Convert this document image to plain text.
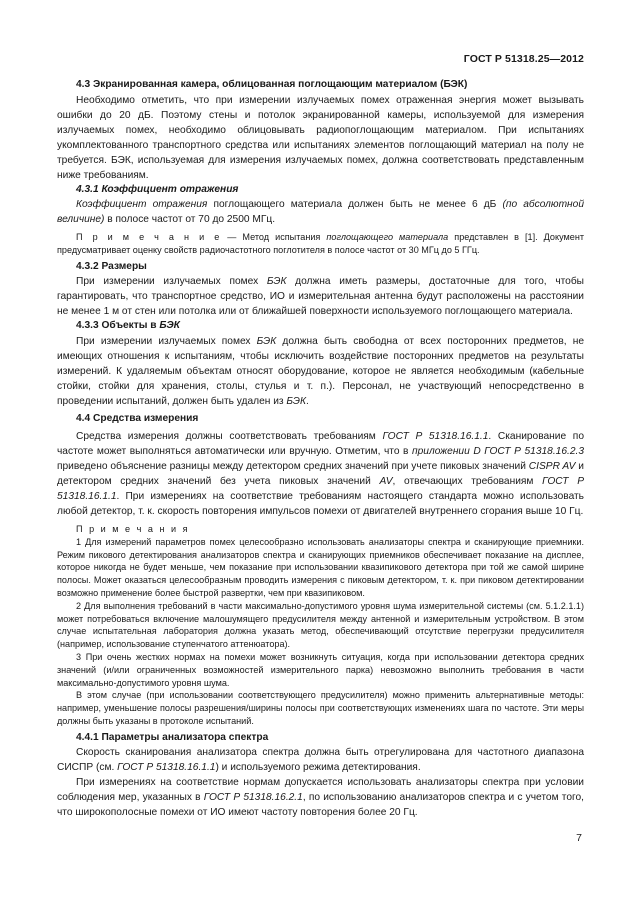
ГОСТ Р 51318.25—2012
4.3 Экранированная камера, облицованная поглощающим материалом (БЭК)

Необходимо отметить, что при измерении излучаемых помех отраженная энергия может вызывать ошибки до 20 дБ. Поэтому стены и потолок экранированной камеры, используемой для измерения излучаемых помех, необходимо облицовывать радиопоглощающим материалом. При испытаниях укомплектованного транспортного средства или испытаниях элементов поглощающий материал на полу не требуется. БЭК, используемая для измерения излучаемых помех, должна соответствовать представленным ниже требованиям.

4.3.1 Коэффициент отражения

Коэффициент отражения поглощающего материала должен быть не менее 6 дБ (по абсолютной величине) в полосе частот от 70 до 2500 МГц.

П р и м е ч а н и е — Метод испытания поглощающего материала представлен в [1]. Документ предусматривает оценку свойств радиочастотного поглотителя в полосе частот от 30 МГц до 5 ГГц.

4.3.2 Размеры

При измерении излучаемых помех БЭК должна иметь размеры, достаточные для того, чтобы гарантировать, что транспортное средство, ИО и измерительная антенна будут расположены на расстоянии не менее 1 м от стен или потолка или от ближайшей поверхности используемого поглощающего материала.

4.3.3 Объекты в БЭК

При измерении излучаемых помех БЭК должна быть свободна от всех посторонних предметов, не имеющих отношения к испытаниям, чтобы исключить воздействие посторонних предметов на результаты измерений. К удаляемым объектам относят оборудование, которое не является необходимым (кабельные стойки, стойки для хранения, столы, стулья и т. п.). Персонал, не участвующий непосредственно в проведении испытаний, должен быть удален из БЭК.

4.4 Средства измерения

Средства измерения должны соответствовать требованиям ГОСТ Р 51318.16.1.1. Сканирование по частоте может выполняться автоматически или вручную. Отметим, что в приложении D ГОСТ Р 51318.16.2.3 приведено объяснение разницы между детектором средних значений при учете пиковых значений CISPR AV и детектором средних значений без учета пиковых значений AV, отвечающих требованиям ГОСТ Р 51318.16.1.1. При измерениях на соответствие требованиям настоящего стандарта можно использовать любой детектор, т. к. скорость повторения импульсов помехи от двигателей внутреннего сгорания выше 10 Гц.

П р и м е ч а н и я

1 Для измерений параметров помех целесообразно использовать анализаторы спектра и сканирующие приемники. Режим пикового детектирования анализаторов спектра и сканирующих приемников обеспечивает показание на дисплее, которое никогда не будет меньше, чем показание при использовании квазипикового детектора при той же самой ширине полосы. Может оказаться целесообразным проводить измерения с пиковым детектором, т. к. при пиковом детектировании возможно применение более быстрой развертки, чем при квазипиковом.

2 Для выполнения требований в части максимально-допустимого уровня шума измерительной системы (см. 5.1.2.1.1) может потребоваться включение малошумящего предусилителя между антенной и измерительным устройством. В этом случае испытательная лаборатория должна указать метод, обеспечивающий отсутствие перегрузки предусилителя (например, использование ступенчатого аттенюатора).

3 При очень жестких нормах на помехи может возникнуть ситуация, когда при использовании детектора средних значений (и/или ограниченных возможностей измерительного парка) невозможно выполнить требования в части максимально-допустимого уровня шума.

В этом случае (при использовании соответствующего предусилителя) можно применить альтернативные методы: например, уменьшение полосы разрешения/ширины полосы при соответствующих изменениях шага по частоте. Эти меры должны быть указаны в протоколе испытаний.

4.4.1 Параметры анализатора спектра

Скорость сканирования анализатора спектра должна быть отрегулирована для частотного диапазона СИСПР (см. ГОСТ Р 51318.16.1.1) и используемого режима детектирования.

При измерениях на соответствие нормам допускается использовать анализаторы спектра при условии соблюдения мер, указанных в ГОСТ Р 51318.16.2.1, по использованию анализаторов спектра и с учетом того, что широкополосные помехи от ИО имеют частоту повторения более 20 Гц.

7
